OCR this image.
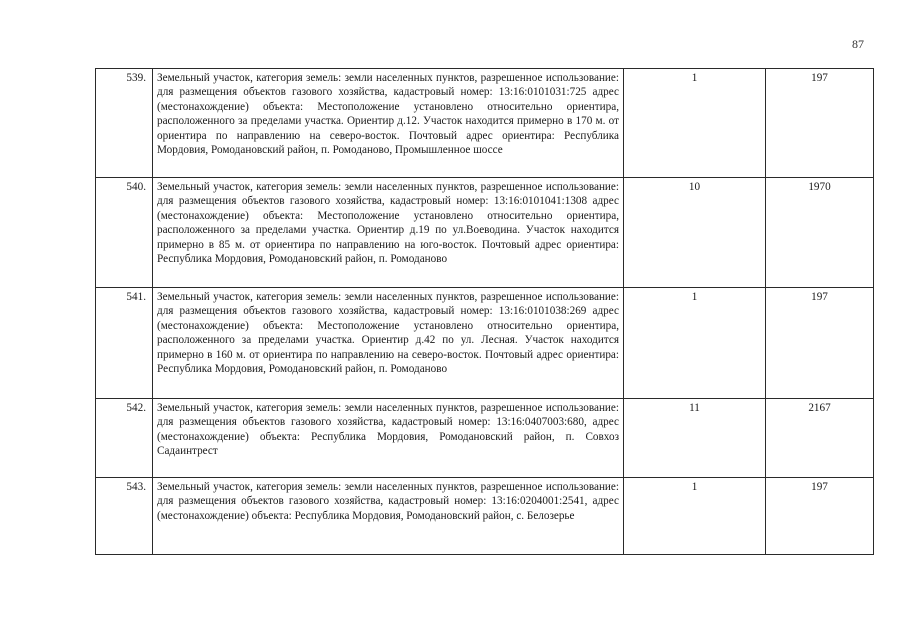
87
539.	Земельный участок, категория земель: земли населенных пунктов, разрешенное использование: для размещения объектов газового хозяйства, кадастровый номер: 13:16:0101031:725 адрес (местонахождение) объекта: Местоположение установлено относительно ориентира, расположенного за пределами участка. Ориентир д.12. Участок находится примерно в 170 м. от ориентира по направлению на северо-восток. Почтовый адрес ориентира: Республика Мордовия, Ромодановский район, п. Ромоданово, Промышленное шоссе	1	197
540.	Земельный участок, категория земель: земли населенных пунктов, разрешенное использование: для размещения объектов газового хозяйства, кадастровый номер: 13:16:0101041:1308 адрес (местонахождение) объекта: Местоположение установлено относительно ориентира, расположенного за пределами участка. Ориентир д.19 по ул.Воеводина. Участок находится примерно в 85 м. от ориентира по направлению на юго-восток. Почтовый адрес ориентира: Республика Мордовия, Ромодановский район, п. Ромоданово	10	1970
541.	Земельный участок, категория земель: земли населенных пунктов, разрешенное использование: для размещения объектов газового хозяйства, кадастровый номер: 13:16:0101038:269 адрес (местонахождение) объекта: Местоположение установлено относительно ориентира, расположенного за пределами участка. Ориентир д.42 по ул. Лесная. Участок находится примерно в 160 м. от ориентира по направлению на северо-восток. Почтовый адрес ориентира: Республика Мордовия, Ромодановский район, п. Ромоданово	1	197
542.	Земельный участок, категория земель: земли населенных пунктов, разрешенное использование: для размещения объектов газового хозяйства, кадастровый номер: 13:16:0407003:680, адрес (местонахождение) объекта: Республика Мордовия, Ромодановский район, п. Совхоз Садаинтрест	11	2167
543.	Земельный участок, категория земель: земли населенных пунктов, разрешенное использование: для размещения объектов газового хозяйства, кадастровый номер: 13:16:0204001:2541, адрес (местонахождение) объекта: Республика Мордовия, Ромодановский район, с. Белозерье	1	197
